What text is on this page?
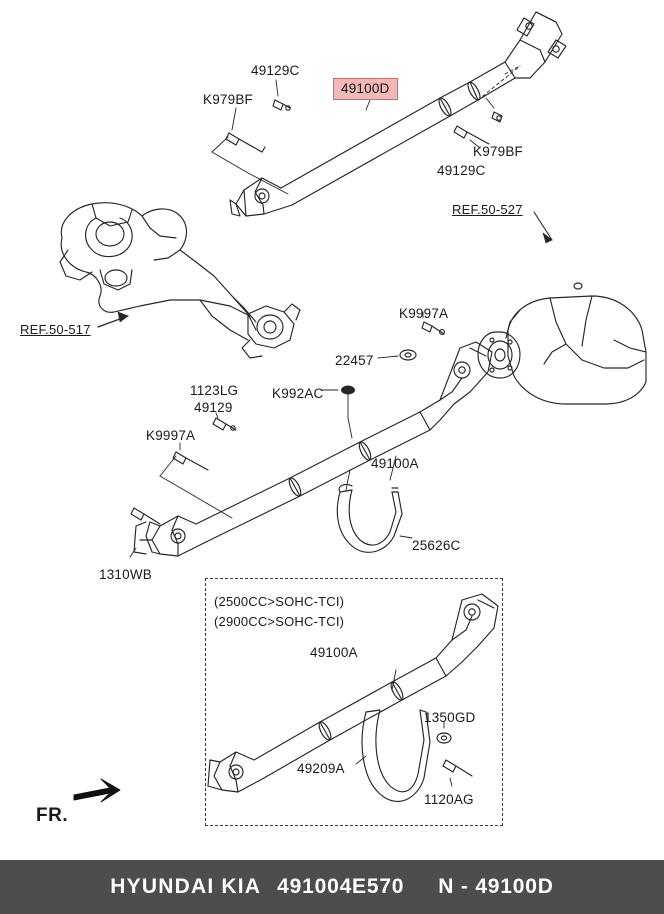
49129C
K979BF
49100D
K979BF
49129C
REF.50-527
REF.50-517
K9997A
22457
1123LG	K992AC
49129
K9997A
49100A
25626C
1310WB
(2500CC>SOHC-TCI)
(2900CC>SOHC-TCI)
49100A
1350GD
49209A
1120AG
FR.
HYUNDAI KIA 491004E570 N - 49100D
